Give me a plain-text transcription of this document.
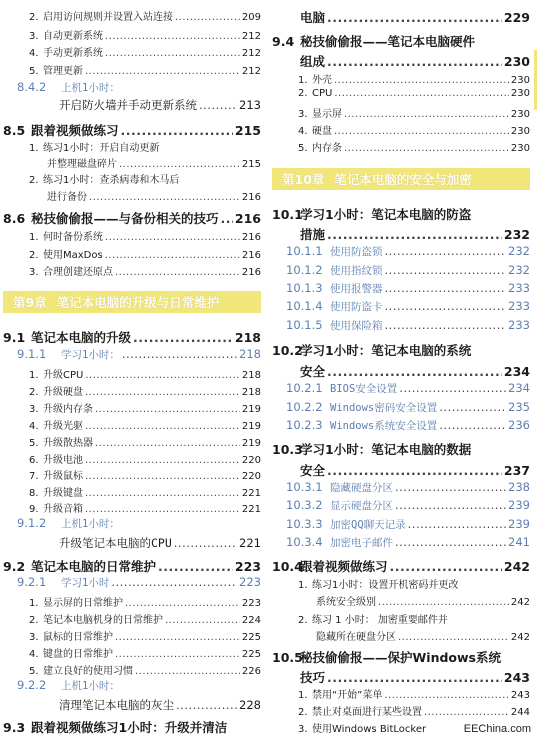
2. 启用访问规则并设置入站连接 .....	209
3. 自动更新系统 .....	212
4. 手动更新系统 .....	212
5. 管理更新 .....	212
8.4.2	上机1小时：
开启防火墙并手动更新系统 .....	213
8.5 跟着视频做练习 .....	215
1. 练习1小时：开启自动更新
并整理磁盘碎片 .....	215
2. 练习1小时：查杀病毒和木马后
进行备份 .....	216
8.6 秘技偷偷报——与备份相关的技巧 ..... 216
1. 何时备份系统 .....	216
2. 使用MaxDos .....	216
3. 合理创建还原点 .....	216
第9章 笔记本电脑的升级与日常维护
9.1 笔记本电脑的升级 .....	218
9.1.1	学习1小时： .....	218
1. 升级CPU .....	218
2. 升级硬盘 .....	218
3. 升级内存条 .....	219
4. 升级光驱 .....	219
5. 升级散热器 .....	219
6. 升级电池 .....	220
7. 升级鼠标 .....	220
8. 升级键盘 .....	221
9. 升级音箱 .....	221
9.1.2	上机1小时：
升级笔记本电脑的CPU .....	221
9.2 笔记本电脑的日常维护 .....	223
9.2.1	学习1小时 .....	223
1. 显示屏的日常维护 .....	223
2. 笔记本电脑机身的日常维护 .....	224
3. 鼠标的日常维护 .....	225
4. 键盘的日常维护 .....	225
5. 建立良好的使用习惯 .....	226
9.2.2	上机1小时：
清理笔记本电脑的灰尘 .....	228
9.3 跟着视频做练习1小时：升级并清洁
电脑 .....	229
9.4 秘技偷偷报——笔记本电脑硬件
组成 .....	230
1. 外壳 .....	230
2. CPU .....	230
3. 显示屏 .....	230
4. 硬盘 .....	230
5. 内存条 .....	230
第10章 笔记本电脑的安全与加密
10.1
学习1小时：笔记本电脑的防盗
措施 .....	232
10.1.1 使用防盗锁 .....	232
10.1.2 使用指纹锁 .....	232
10.1.3 使用报警器 .....	233
10.1.4 使用防盗卡 .....	233
10.1.5 使用保险箱 .....	233
10.2
学习1小时：笔记本电脑的系统
安全 .....	234
10.2.1 BIOS安全设置 .....	234
10.2.2 Windows密码安全设置 .....	235
10.2.3 Windows系统安全设置 .....	236
10.3
学习1小时：笔记本电脑的数据
安全 .....	237
10.3.1 隐藏硬盘分区 .....	238
10.3.2 显示硬盘分区 .....	239
10.3.3 加密QQ聊天记录 .....	239
10.3.4 加密电子邮件 .....	241
10.4
跟着视频做练习 .....	242
1. 练习1小时：设置开机密码并更改
系统安全级别 .....	242
2. 练习 1 小时： 加密重要邮件并
隐藏所在硬盘分区 .....	242
10.5
秘技偷偷报——保护Windows系统
技巧 .....	243
1. 禁用“开始”菜单 .....	243
2. 禁止对桌面进行某些设置 .....	244
3. 使用Windows BitLocker	EEChina.com
